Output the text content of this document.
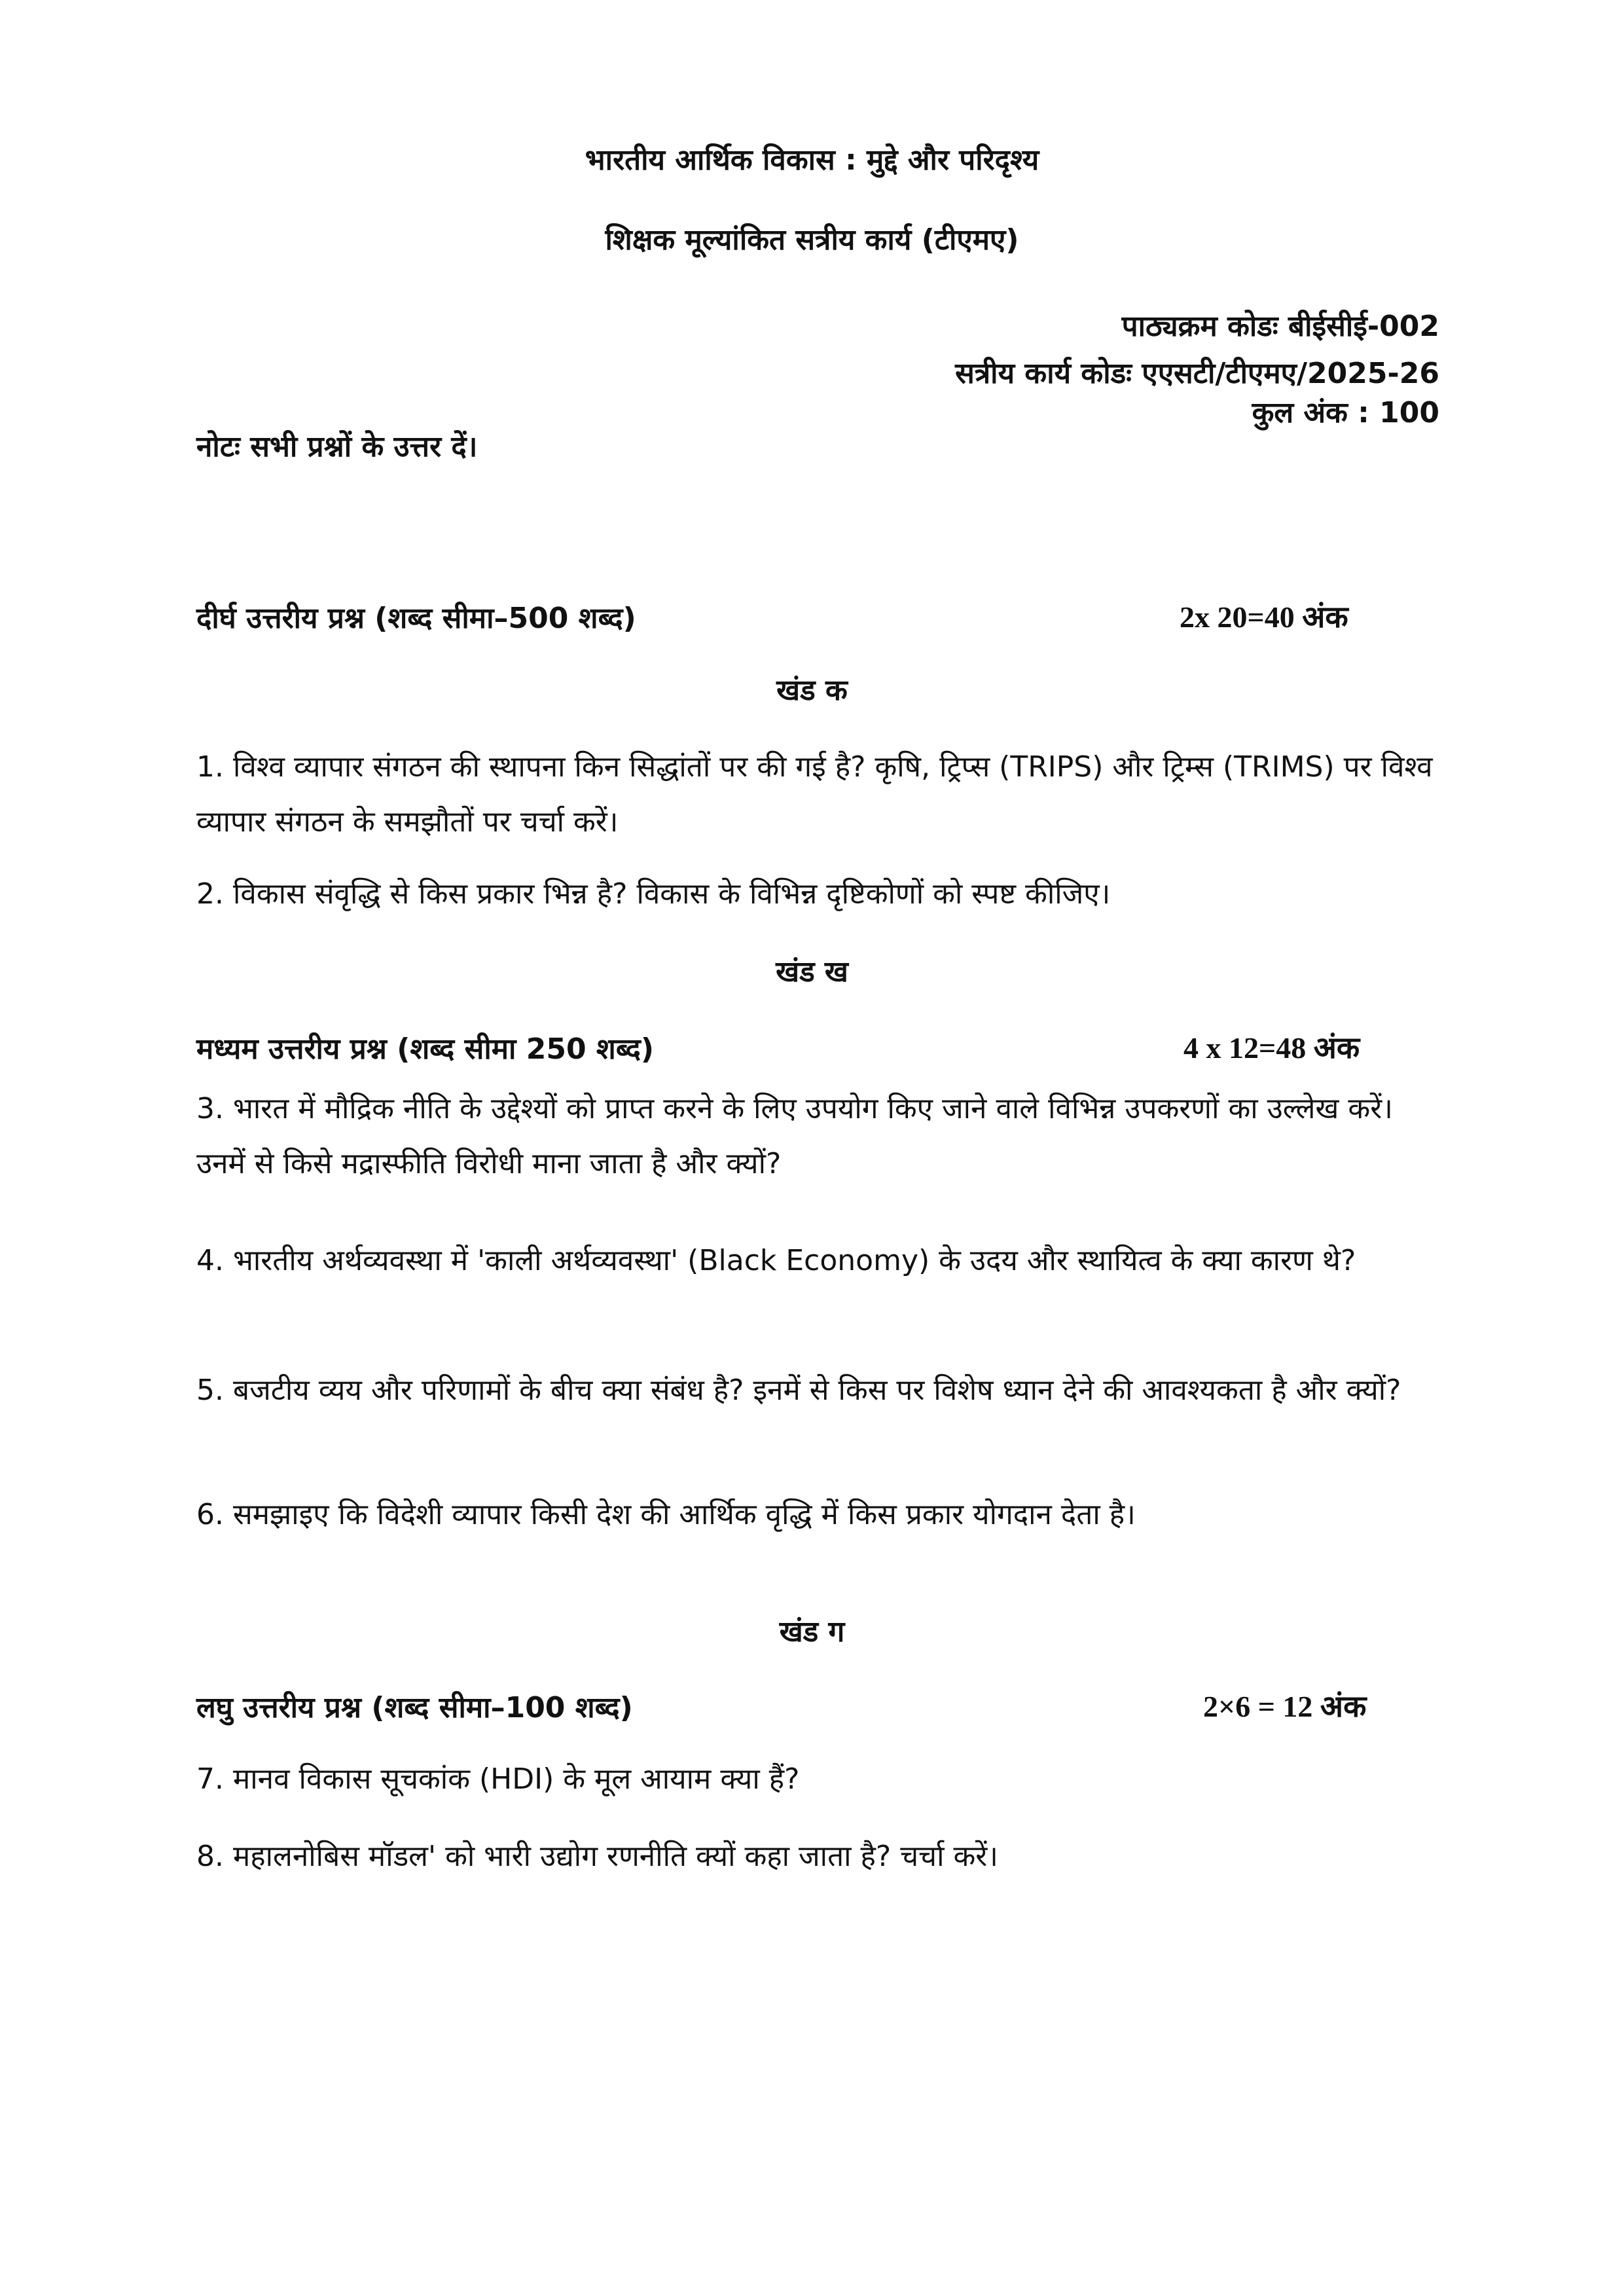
भारतीय आर्थिक विकास : मुद्दे और परिदृश्य
शिक्षक मूल्यांकित सत्रीय कार्य (टीएमए)
पाठ्यक्रम कोडः बीईसीई-002
सत्रीय कार्य कोडः एएसटी/टीएमए/2025-26
कुल अंक : 100
नोटः सभी प्रश्नों के उत्तर दें।
दीर्घ उत्तरीय प्रश्न (शब्द सीमा–500 शब्द)	2x 20=40 अंक
खंड क
1. विश्व व्यापार संगठन की स्थापना किन सिद्धांतों पर की गई है? कृषि, ट्रिप्स (TRIPS) और ट्रिम्स (TRIMS) पर विश्व व्यापार संगठन के समझौतों पर चर्चा करें।
2. विकास संवृद्धि से किस प्रकार भिन्न है? विकास के विभिन्न दृष्टिकोणों को स्पष्ट कीजिए।
खंड ख
मध्यम उत्तरीय प्रश्न (शब्द सीमा 250 शब्द)	4 x 12=48 अंक
3. भारत में मौद्रिक नीति के उद्देश्यों को प्राप्त करने के लिए उपयोग किए जाने वाले विभिन्न उपकरणों का उल्लेख करें। उनमें से किसे मद्रास्फीति विरोधी माना जाता है और क्यों?
4. भारतीय अर्थव्यवस्था में 'काली अर्थव्यवस्था' (Black Economy) के उदय और स्थायित्व के क्या कारण थे?
5. बजटीय व्यय और परिणामों के बीच क्या संबंध है? इनमें से किस पर विशेष ध्यान देने की आवश्यकता है और क्यों?
6. समझाइए कि विदेशी व्यापार किसी देश की आर्थिक वृद्धि में किस प्रकार योगदान देता है।
खंड ग
लघु उत्तरीय प्रश्न (शब्द सीमा–100 शब्द)	2×6 = 12 अंक
7. मानव विकास सूचकांक (HDI) के मूल आयाम क्या हैं?
8. महालनोबिस मॉडल' को भारी उद्योग रणनीति क्यों कहा जाता है? चर्चा करें।
